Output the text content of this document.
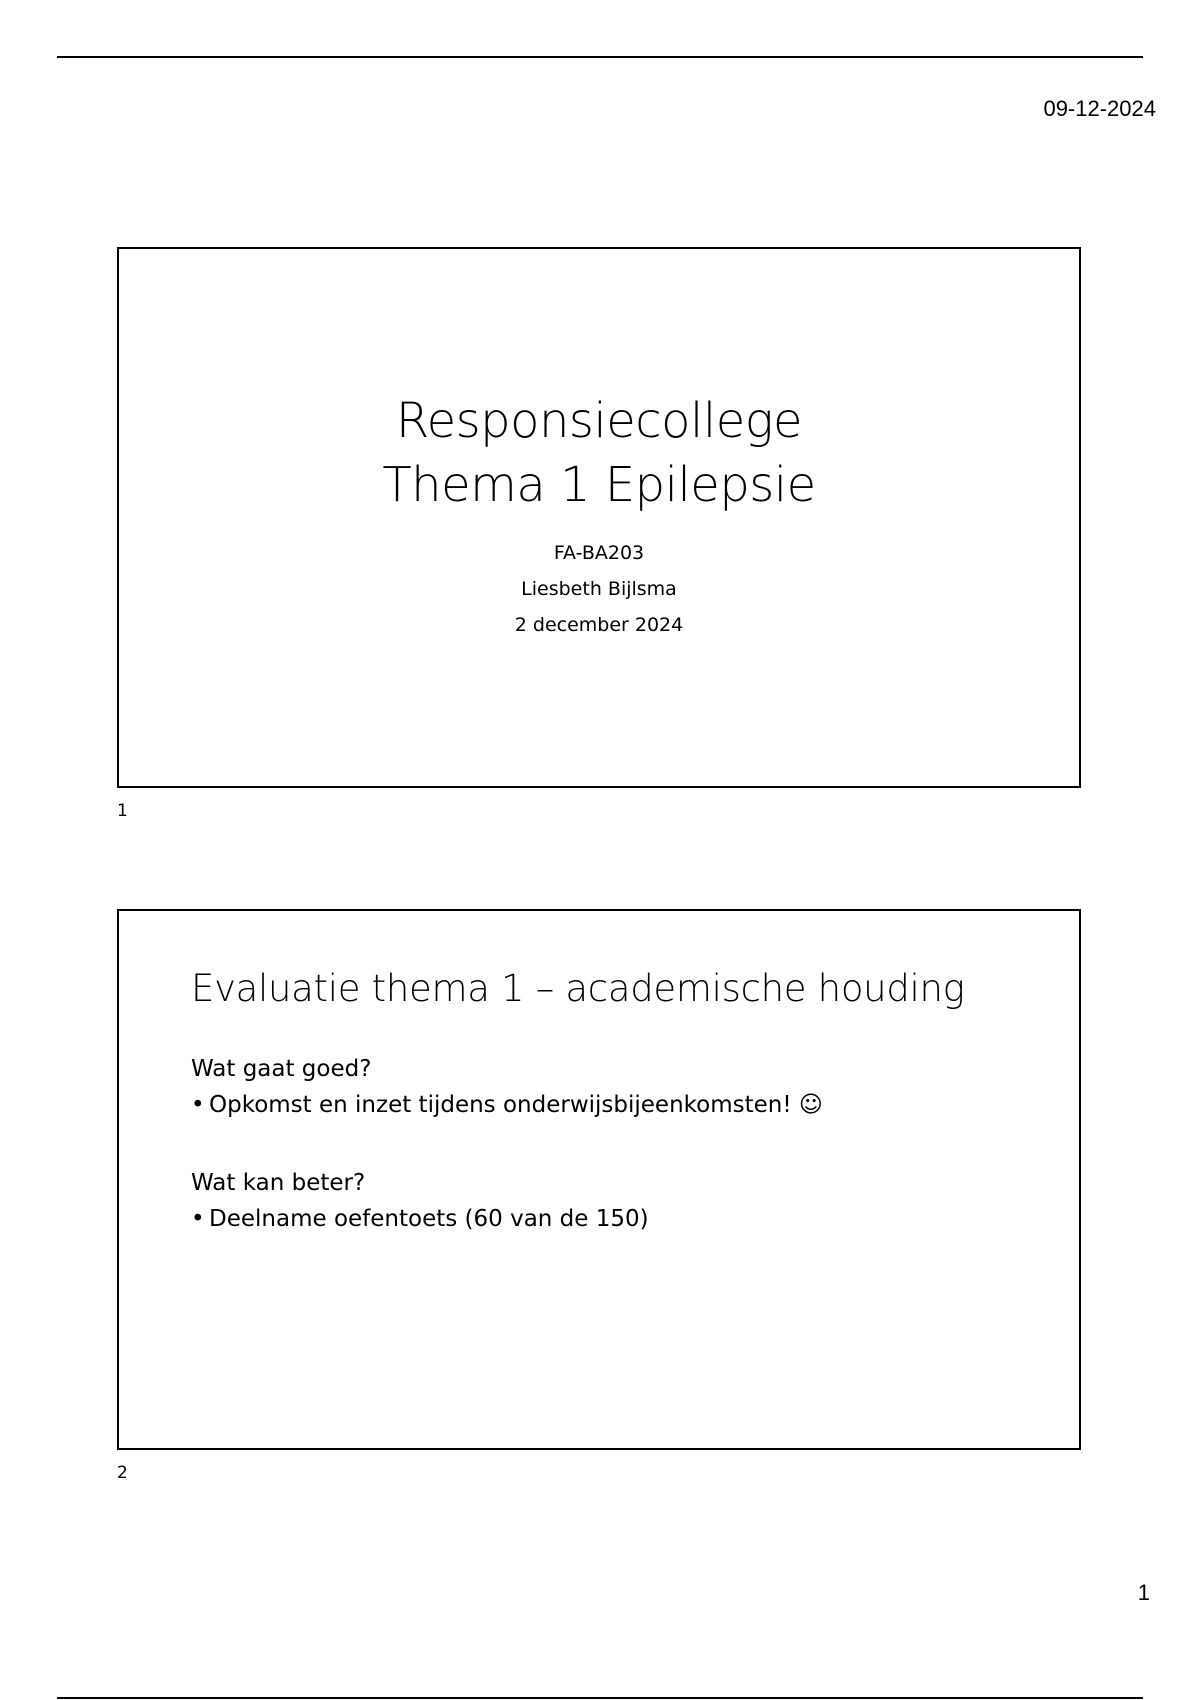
09-12-2024
Responsiecollege
Thema 1 Epilepsie
FA-BA203
Liesbeth Bijlsma
2 december 2024
1
Evaluatie thema 1 – academische houding
Wat gaat goed?
• Opkomst en inzet tijdens onderwijsbijeenkomsten! ☺
Wat kan beter?
• Deelname oefentoets (60 van de 150)
2
1
